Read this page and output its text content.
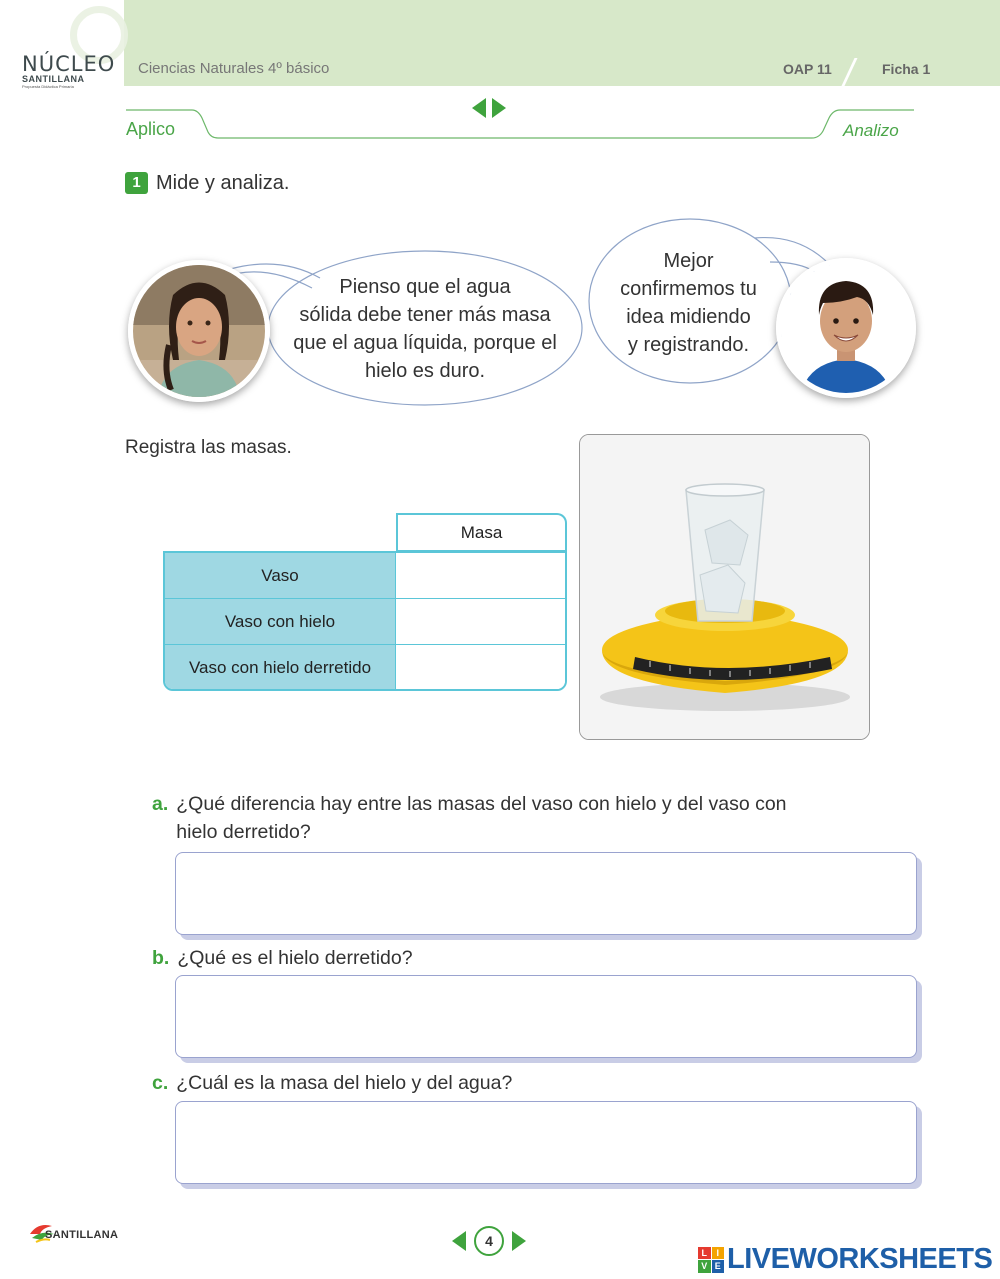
NÚCLEO
SANTILLANA
Propuesta Didáctica Primaria
Ciencias Naturales 4º básico	OAP 11	Ficha 1
Aplico	Analizo
1 Mide y analiza.
Pienso que el agua
sólida debe tener más masa
que el agua líquida, porque el
hielo es duro.
Mejor
confirmemos tu
idea midiendo
y registrando.
Registra las masas.
Masa
Vaso
Vaso con hielo
Vaso con hielo derretido
a. ¿Qué diferencia hay entre las masas del vaso con hielo y del vaso con hielo derretido?
b. ¿Qué es el hielo derretido?
c. ¿Cuál es la masa del hielo y del agua?
SANTILLANA	4
L	I
V E LIVEWORKSHEETS
